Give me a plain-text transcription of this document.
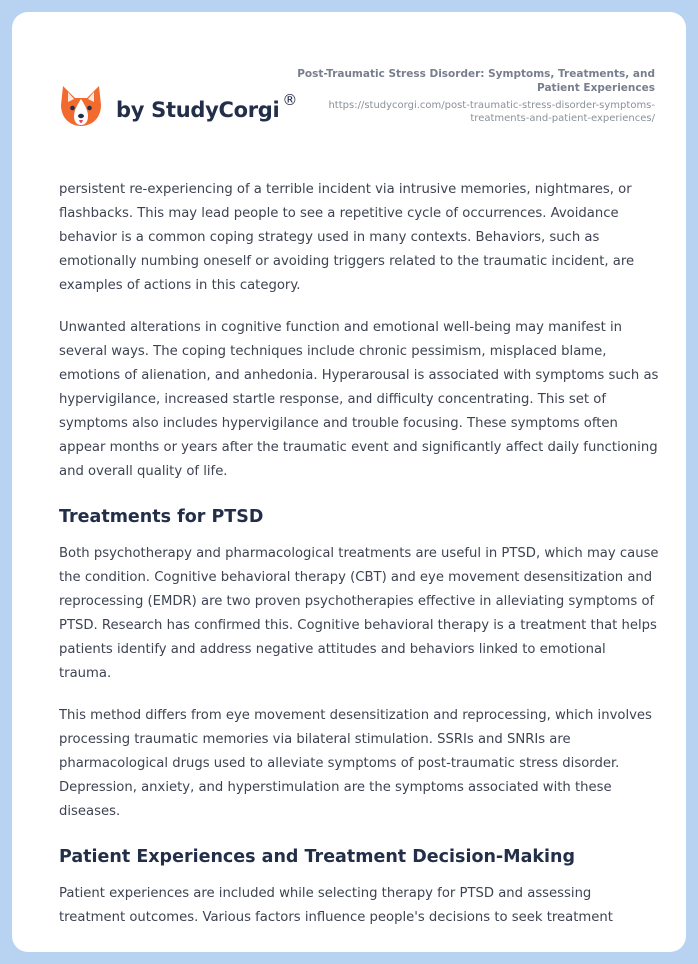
by StudyCorgi ®
Post-Traumatic Stress Disorder: Symptoms, Treatments, and Patient Experiences
https://studycorgi.com/post-traumatic-stress-disorder-symptoms-treatments-and-patient-experiences/

persistent re-experiencing of a terrible incident via intrusive memories, nightmares, or flashbacks. This may lead people to see a repetitive cycle of occurrences. Avoidance behavior is a common coping strategy used in many contexts. Behaviors, such as emotionally numbing oneself or avoiding triggers related to the traumatic incident, are examples of actions in this category.

Unwanted alterations in cognitive function and emotional well-being may manifest in several ways. The coping techniques include chronic pessimism, misplaced blame, emotions of alienation, and anhedonia. Hyperarousal is associated with symptoms such as hypervigilance, increased startle response, and difficulty concentrating. This set of symptoms also includes hypervigilance and trouble focusing. These symptoms often appear months or years after the traumatic event and significantly affect daily functioning and overall quality of life.

Treatments for PTSD

Both psychotherapy and pharmacological treatments are useful in PTSD, which may cause the condition. Cognitive behavioral therapy (CBT) and eye movement desensitization and reprocessing (EMDR) are two proven psychotherapies effective in alleviating symptoms of PTSD. Research has confirmed this. Cognitive behavioral therapy is a treatment that helps patients identify and address negative attitudes and behaviors linked to emotional trauma.

This method differs from eye movement desensitization and reprocessing, which involves processing traumatic memories via bilateral stimulation. SSRIs and SNRIs are pharmacological drugs used to alleviate symptoms of post-traumatic stress disorder. Depression, anxiety, and hyperstimulation are the symptoms associated with these diseases.

Patient Experiences and Treatment Decision-Making

Patient experiences are included while selecting therapy for PTSD and assessing treatment outcomes. Various factors influence people's decisions to seek treatment
